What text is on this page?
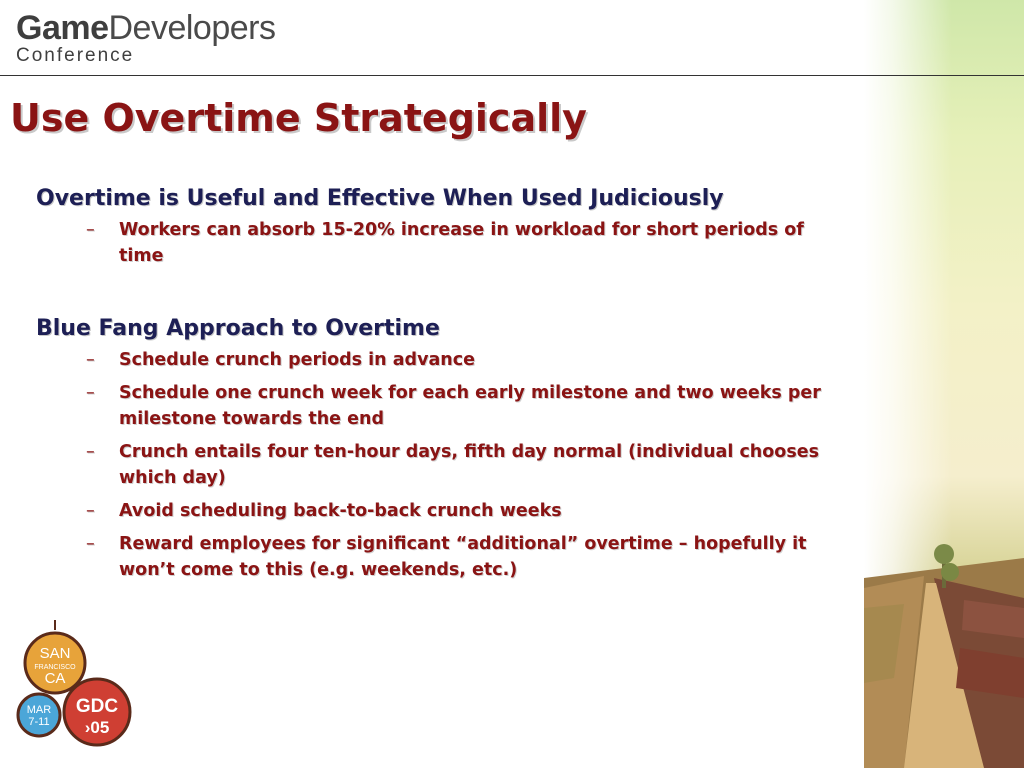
GameDevelopers
Conference
Use Overtime Strategically
Overtime is Useful and Effective When Used Judiciously
– Workers can absorb 15-20% increase in workload for short periods of time
Blue Fang Approach to Overtime
– Schedule crunch periods in advance
– Schedule one crunch week for each early milestone and two weeks per milestone towards the end
– Crunch entails four ten-hour days, fifth day normal (individual chooses which day)
– Avoid scheduling back-to-back crunch weeks
– Reward employees for significant “additional” overtime – hopefully it won’t come to this (e.g. weekends, etc.)
SAN
FRANCISCO
CA
MAR
7-11
GDC
›05
